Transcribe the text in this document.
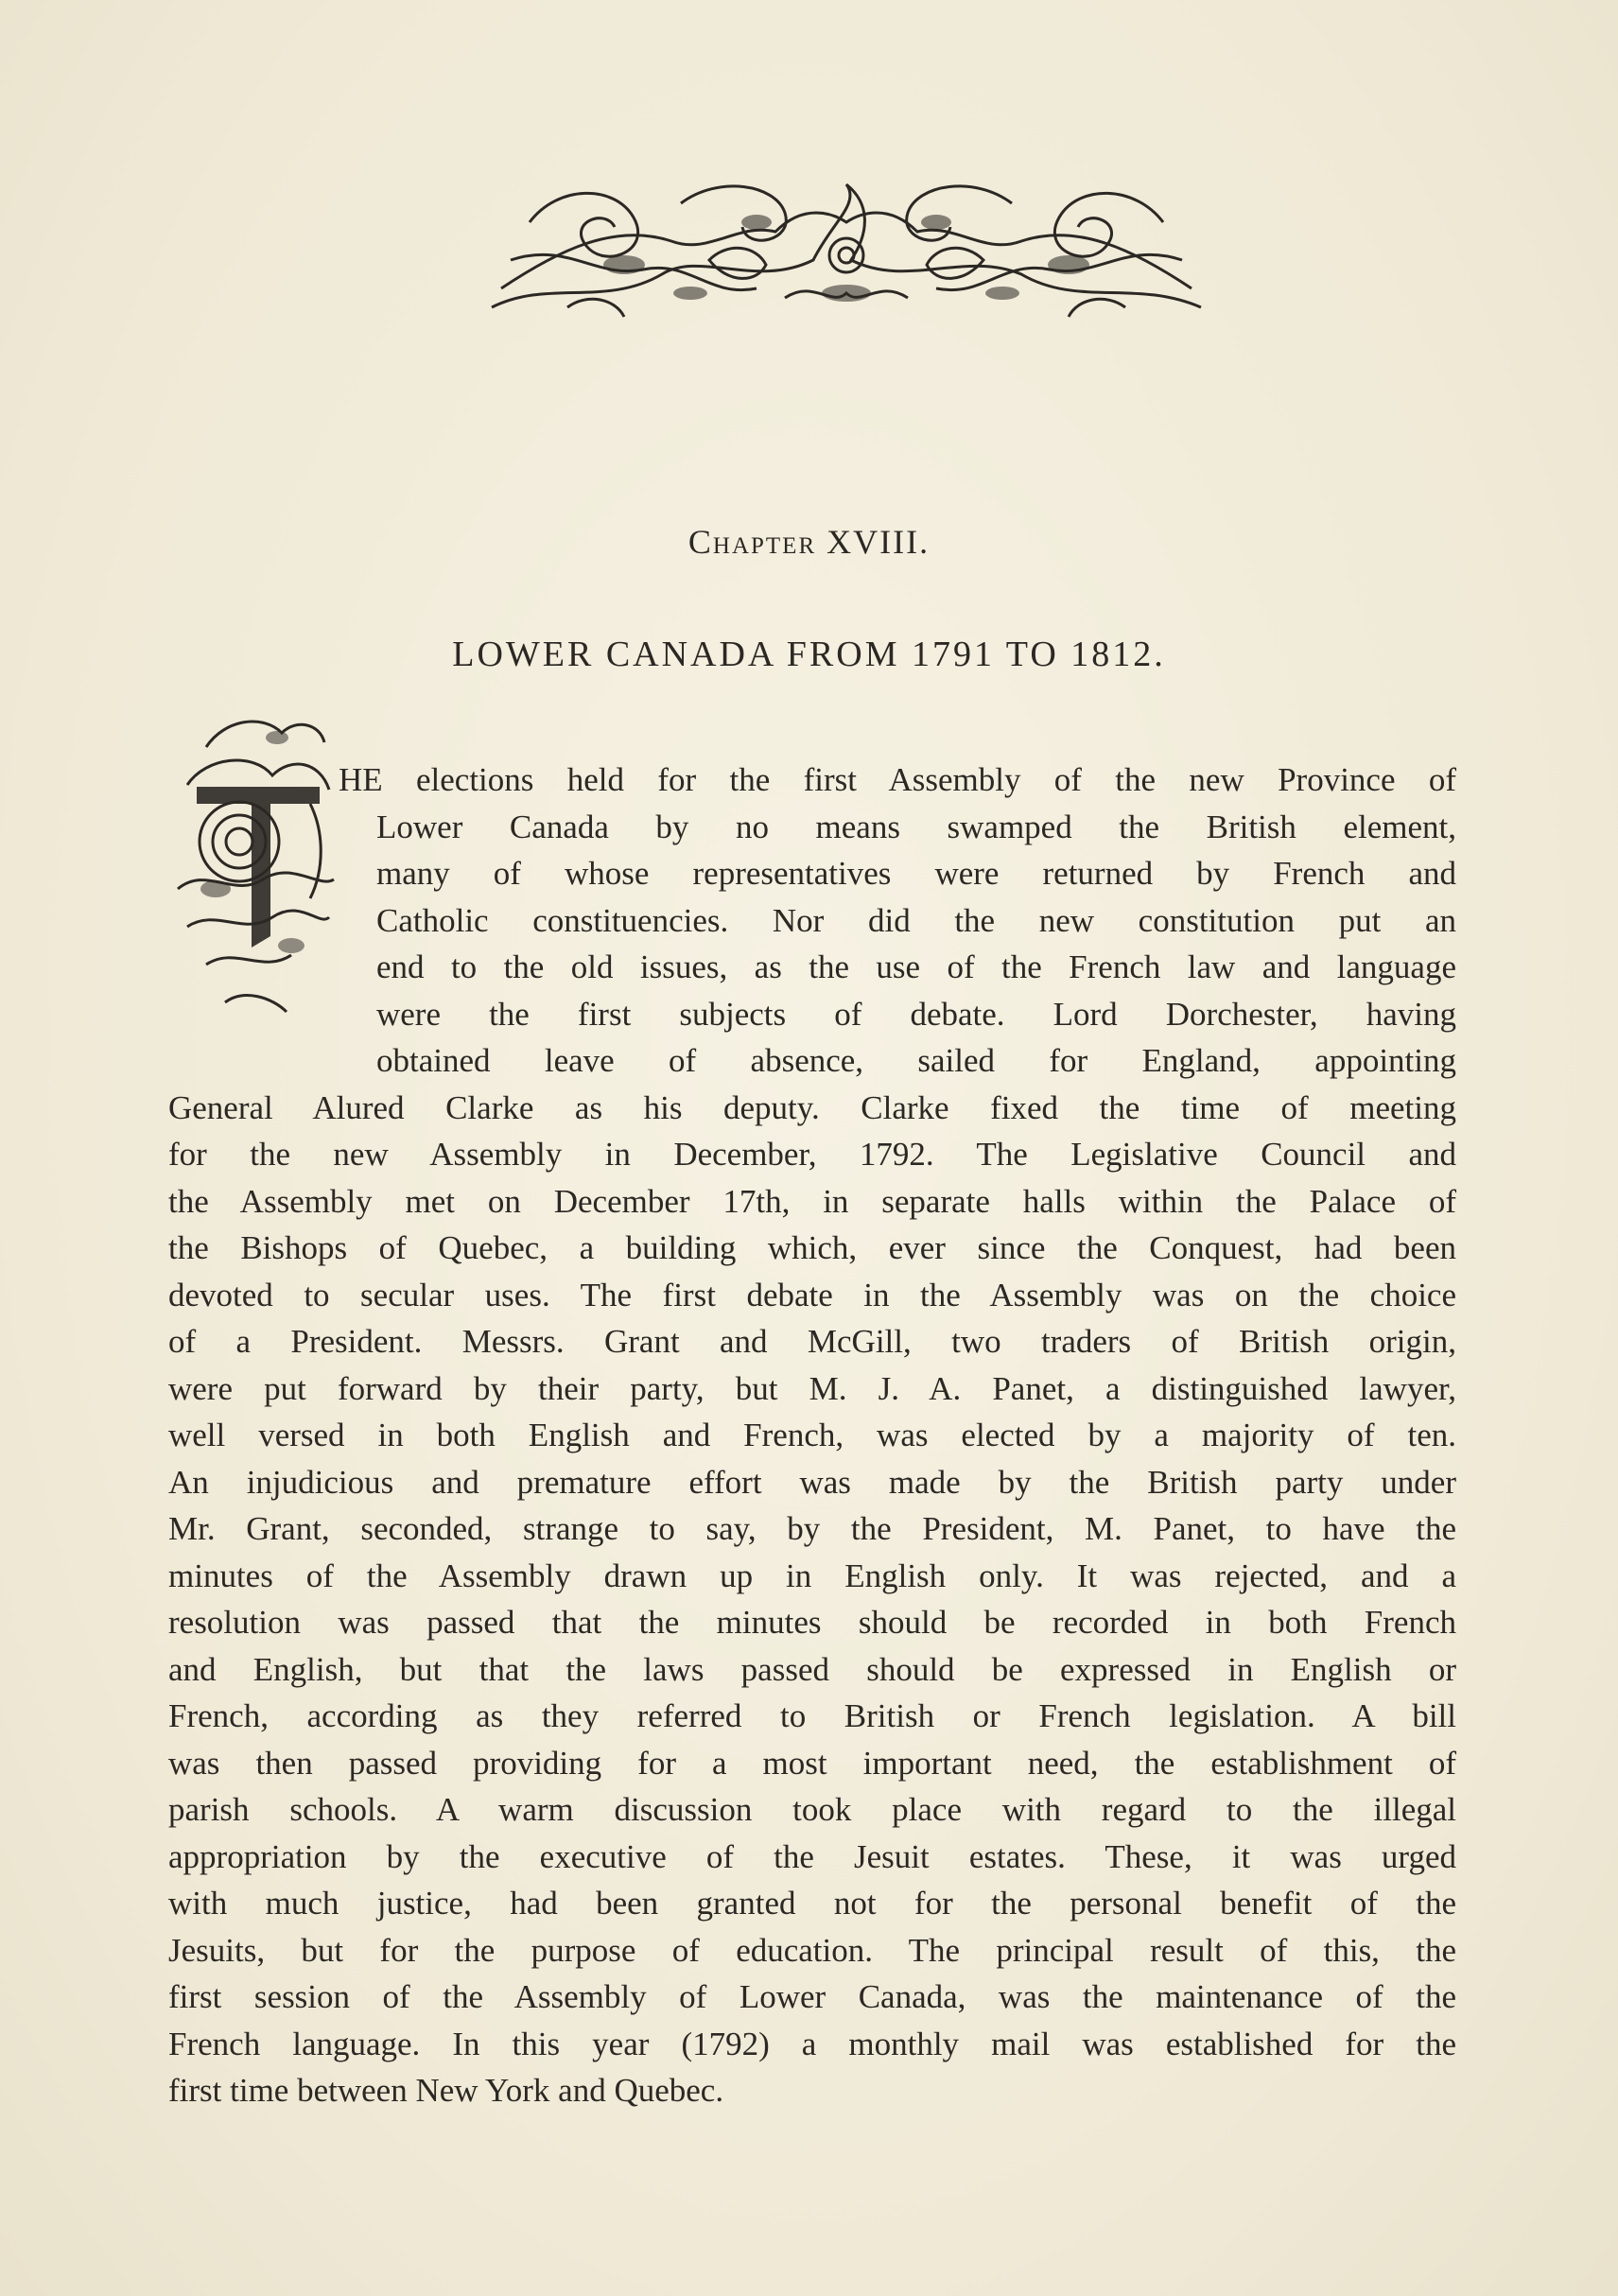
Chapter XVIII.
LOWER CANADA FROM 1791 TO 1812.
T
HE elections held for the first Assembly of the new Province of
Lower Canada by no means swamped the British element,
many of whose representatives were returned by French and
Catholic constituencies. Nor did the new constitution put an
end to the old issues, as the use of the French law and language
were the first subjects of debate. Lord Dorchester, having
obtained leave of absence, sailed for England, appointing
General Alured Clarke as his deputy. Clarke fixed the time of meeting
for the new Assembly in December, 1792. The Legislative Council and
the Assembly met on December 17th, in separate halls within the Palace of
the Bishops of Quebec, a building which, ever since the Conquest, had been
devoted to secular uses. The first debate in the Assembly was on the choice
of a President. Messrs. Grant and McGill, two traders of British origin,
were put forward by their party, but M. J. A. Panet, a distinguished lawyer,
well versed in both English and French, was elected by a majority of ten.
An injudicious and premature effort was made by the British party under
Mr. Grant, seconded, strange to say, by the President, M. Panet, to have the
minutes of the Assembly drawn up in English only. It was rejected, and a
resolution was passed that the minutes should be recorded in both French
and English, but that the laws passed should be expressed in English or
French, according as they referred to British or French legislation. A bill
was then passed providing for a most important need, the establishment of
parish schools. A warm discussion took place with regard to the illegal
appropriation by the executive of the Jesuit estates. These, it was urged
with much justice, had been granted not for the personal benefit of the
Jesuits, but for the purpose of education. The principal result of this, the
first session of the Assembly of Lower Canada, was the maintenance of the
French language. In this year (1792) a monthly mail was established for the
first time between New York and Quebec.
